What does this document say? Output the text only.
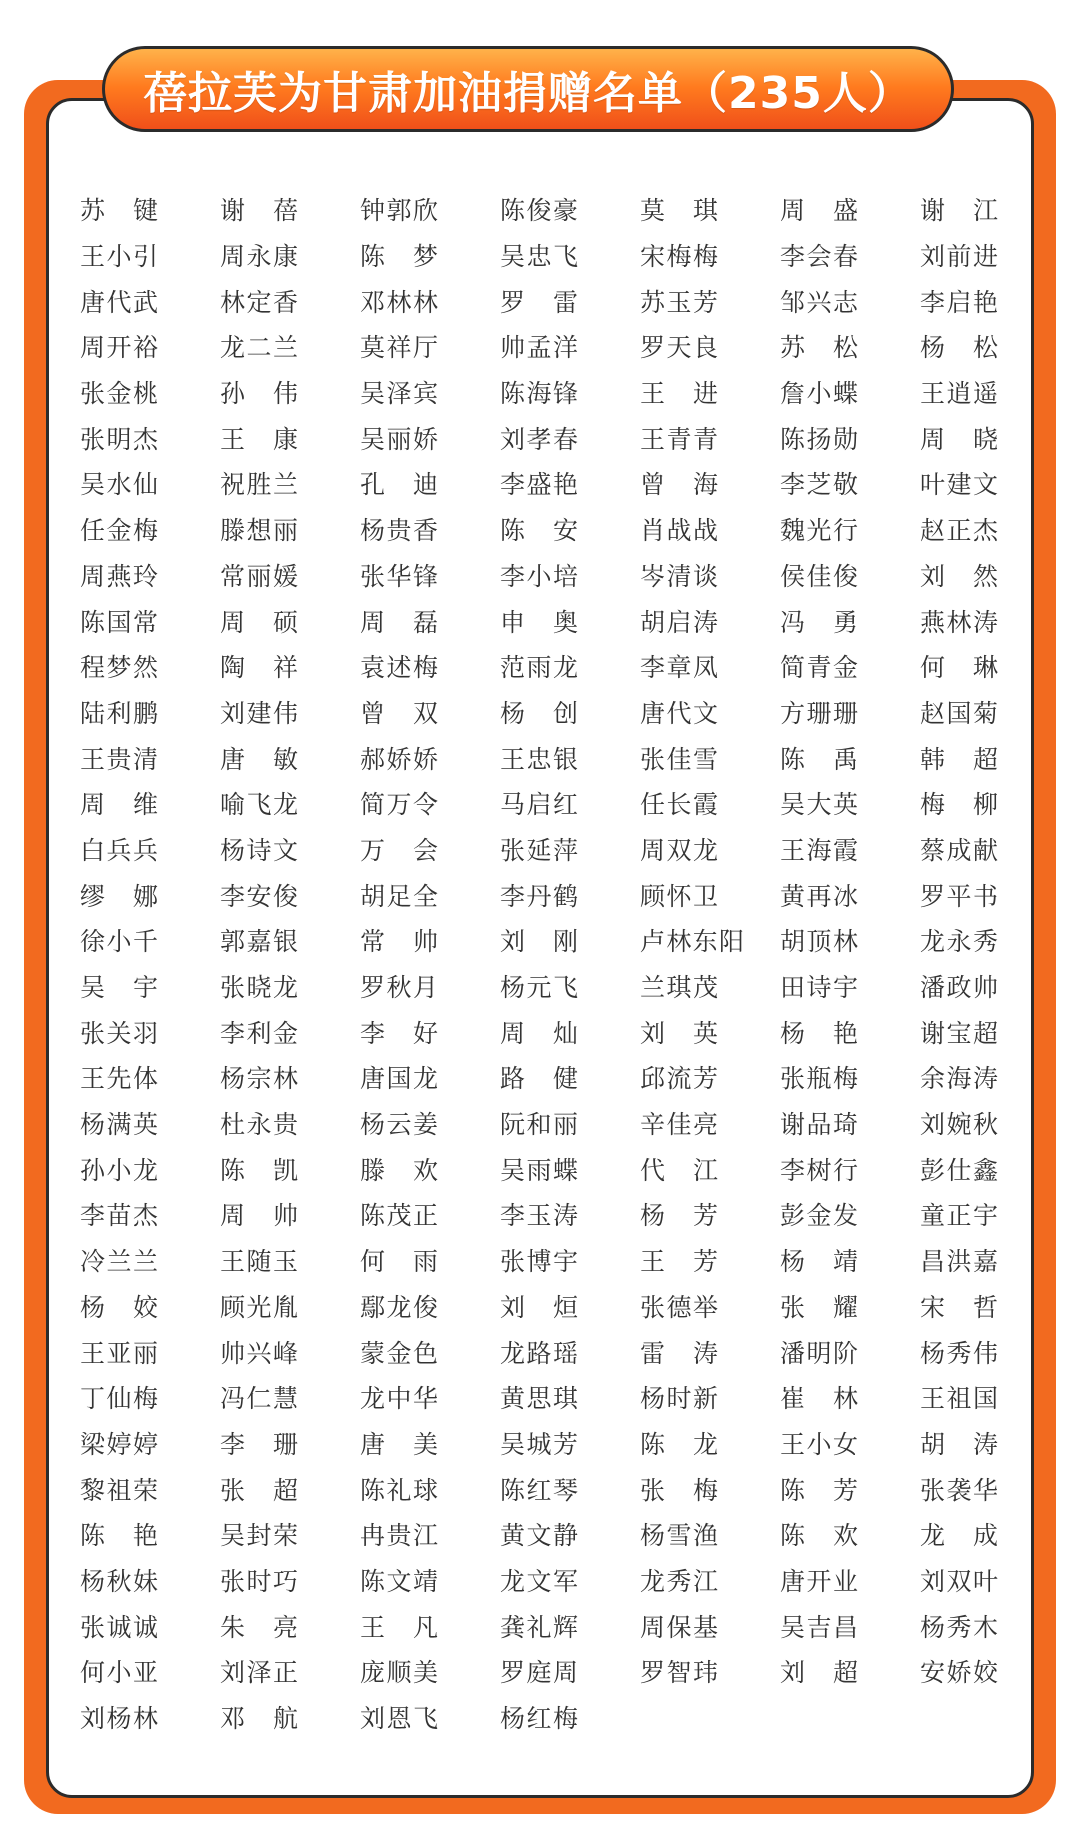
蓓拉芙为甘肃加油捐赠名单（235人）
苏 键 谢 蓓 钟 郭 欣 陈 俊 豪 莫 琪 周 盛 谢 江
王 小 引 周 永 康 陈 梦 吴 忠 飞 宋 梅 梅 李 会 春 刘 前 进
唐 代 武 林 定 香 邓 林 林 罗 雷 苏 玉 芳 邹 兴 志 李 启 艳
周 开 裕 龙 二 兰 莫 祥 厅 帅 孟 洋 罗 天 良 苏 松 杨 松
张 金 桃 孙 伟 吴 泽 宾 陈 海 锋 王 进 詹 小 蝶 王 逍 遥
张 明 杰 王 康 吴 丽 娇 刘 孝 春 王 青 青 陈 扬 勋 周 晓
吴 水 仙 祝 胜 兰 孔 迪 李 盛 艳 曾 海 李 芝 敬 叶 建 文
任 金 梅 滕 想 丽 杨 贵 香 陈 安 肖 战 战 魏 光 行 赵 正 杰
周 燕 玲 常 丽 媛 张 华 锋 李 小 培 岑 清 谈 侯 佳 俊 刘 然
陈 国 常 周 硕 周 磊 申 奥 胡 启 涛 冯 勇 燕 林 涛
程 梦 然 陶 祥 袁 述 梅 范 雨 龙 李 章 凤 简 青 金 何 琳
陆 利 鹏 刘 建 伟 曾 双 杨 创 唐 代 文 方 珊 珊 赵 国 菊
王 贵 清 唐 敏 郝 娇 娇 王 忠 银 张 佳 雪 陈 禹 韩 超
周 维 喻 飞 龙 简 万 令 马 启 红 任 长 霞 吴 大 英 梅 柳
白 兵 兵 杨 诗 文 万 会 张 延 萍 周 双 龙 王 海 霞 蔡 成 献
缪 娜 李 安 俊 胡 足 全 李 丹 鹤 顾 怀 卫 黄 再 冰 罗 平 书
徐 小 千 郭 嘉 银 常 帅 刘 刚 卢 林 东 阳 胡 顶 林 龙 永 秀
吴 宇 张 晓 龙 罗 秋 月 杨 元 飞 兰 琪 茂 田 诗 宇 潘 政 帅
张 关 羽 李 利 金 李 好 周 灿 刘 英 杨 艳 谢 宝 超
王 先 体 杨 宗 林 唐 国 龙 路 健 邱 流 芳 张 瓶 梅 余 海 涛
杨 满 英 杜 永 贵 杨 云 姜 阮 和 丽 辛 佳 亮 谢 品 琦 刘 婉 秋
孙 小 龙 陈 凯 滕 欢 吴 雨 蝶 代 江 李 树 行 彭 仕 鑫
李 苗 杰 周 帅 陈 茂 正 李 玉 涛 杨 芳 彭 金 发 童 正 宇
冷 兰 兰 王 随 玉 何 雨 张 博 宇 王 芳 杨 靖 昌 洪 嘉
杨 姣 顾 光 胤 鄢 龙 俊 刘 烜 张 德 举 张 耀 宋 哲
王 亚 丽 帅 兴 峰 蒙 金 色 龙 路 瑶 雷 涛 潘 明 阶 杨 秀 伟
丁 仙 梅 冯 仁 慧 龙 中 华 黄 思 琪 杨 时 新 崔 林 王 祖 国
梁 婷 婷 李 珊 唐 美 吴 城 芳 陈 龙 王 小 女 胡 涛
黎 祖 荣 张 超 陈 礼 球 陈 红 琴 张 梅 陈 芳 张 袭 华
陈 艳 吴 封 荣 冉 贵 江 黄 文 静 杨 雪 渔 陈 欢 龙 成
杨 秋 妹 张 时 巧 陈 文 靖 龙 文 军 龙 秀 江 唐 开 业 刘 双 叶
张 诚 诚 朱 亮 王 凡 龚 礼 辉 周 保 基 吴 吉 昌 杨 秀 木
何 小 亚 刘 泽 正 庞 顺 美 罗 庭 周 罗 智 玮 刘 超 安 娇 姣
刘 杨 林 邓 航 刘 恩 飞 杨 红 梅
